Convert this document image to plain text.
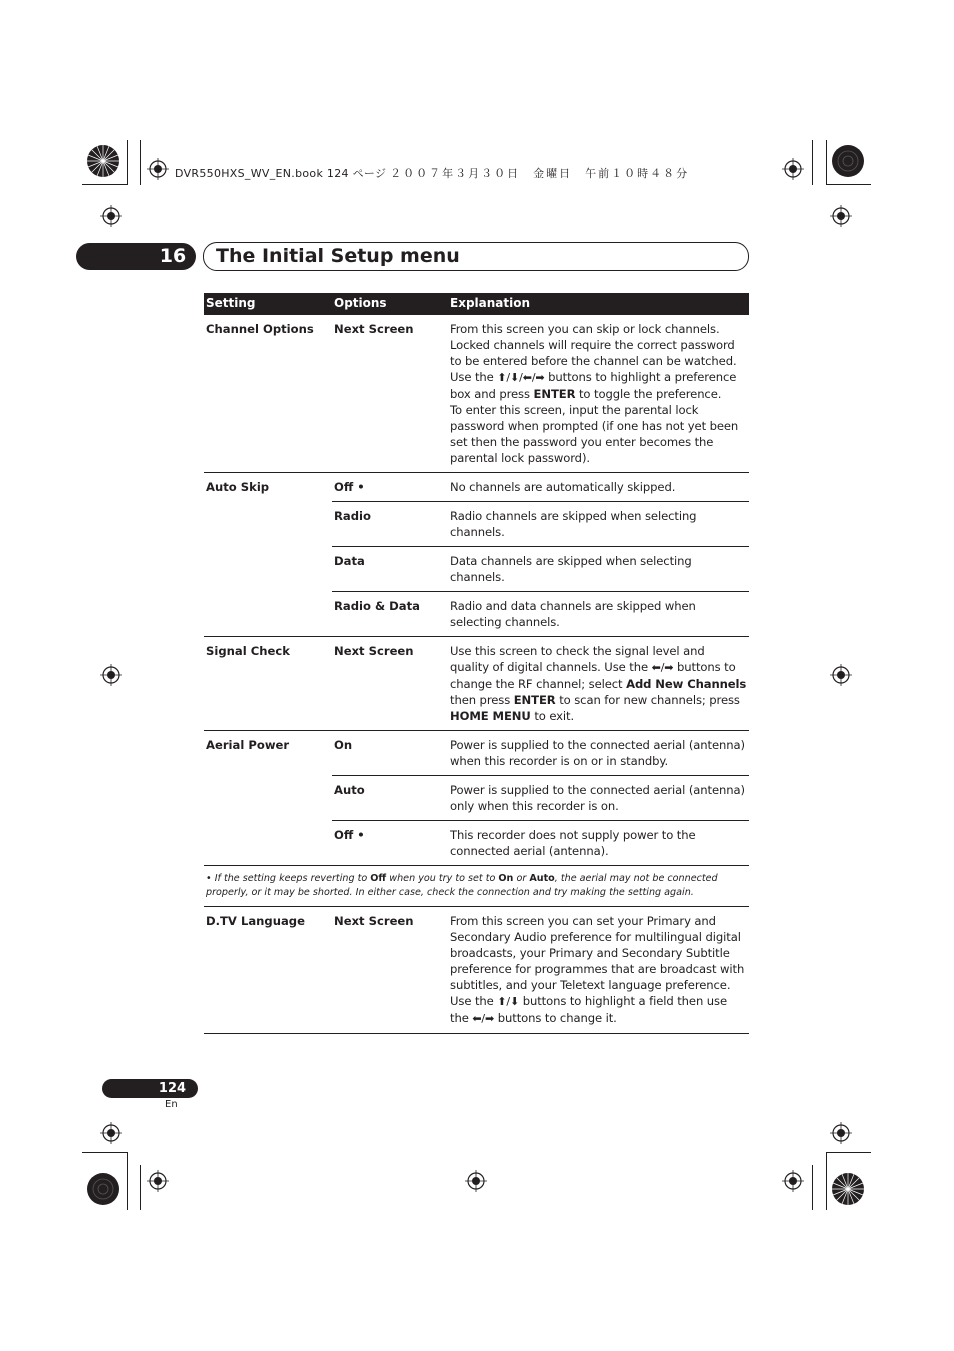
DVR550HXS_WV_EN.book 124 ページ ２００７年３月３０日　金曜日　午前１０時４８分
16 The Initial Setup menu
Setting	Options	Explanation
Channel Options	Next Screen	From this screen you can skip or lock channels. Locked channels will require the correct password to be entered before the channel can be watched. Use the ⬆/⬇/⬅/➡ buttons to highlight a preference box and press ENTER to toggle the preference.
To enter this screen, input the parental lock password when prompted (if one has not yet been set then the password you enter becomes the parental lock password).
Auto Skip	Off •	No channels are automatically skipped.
	Radio	Radio channels are skipped when selecting channels.
	Data	Data channels are skipped when selecting channels.
	Radio & Data	Radio and data channels are skipped when selecting channels.
Signal Check	Next Screen	Use this screen to check the signal level and quality of digital channels. Use the ⬅/➡ buttons to change the RF channel; select Add New Channels then press ENTER to scan for new channels; press HOME MENU to exit.
Aerial Power	On	Power is supplied to the connected aerial (antenna) when this recorder is on or in standby.
	Auto	Power is supplied to the connected aerial (antenna) only when this recorder is on.
	Off •	This recorder does not supply power to the connected aerial (antenna).
• If the setting keeps reverting to Off when you try to set to On or Auto, the aerial may not be connected properly, or it may be shorted. In either case, check the connection and try making the setting again.		
D.TV Language	Next Screen	From this screen you can set your Primary and Secondary Audio preference for multilingual digital broadcasts, your Primary and Secondary Subtitle preference for programmes that are broadcast with subtitles, and your Teletext language preference. Use the ⬆/⬇ buttons to highlight a field then use the ⬅/➡ buttons to change it.
124
En
